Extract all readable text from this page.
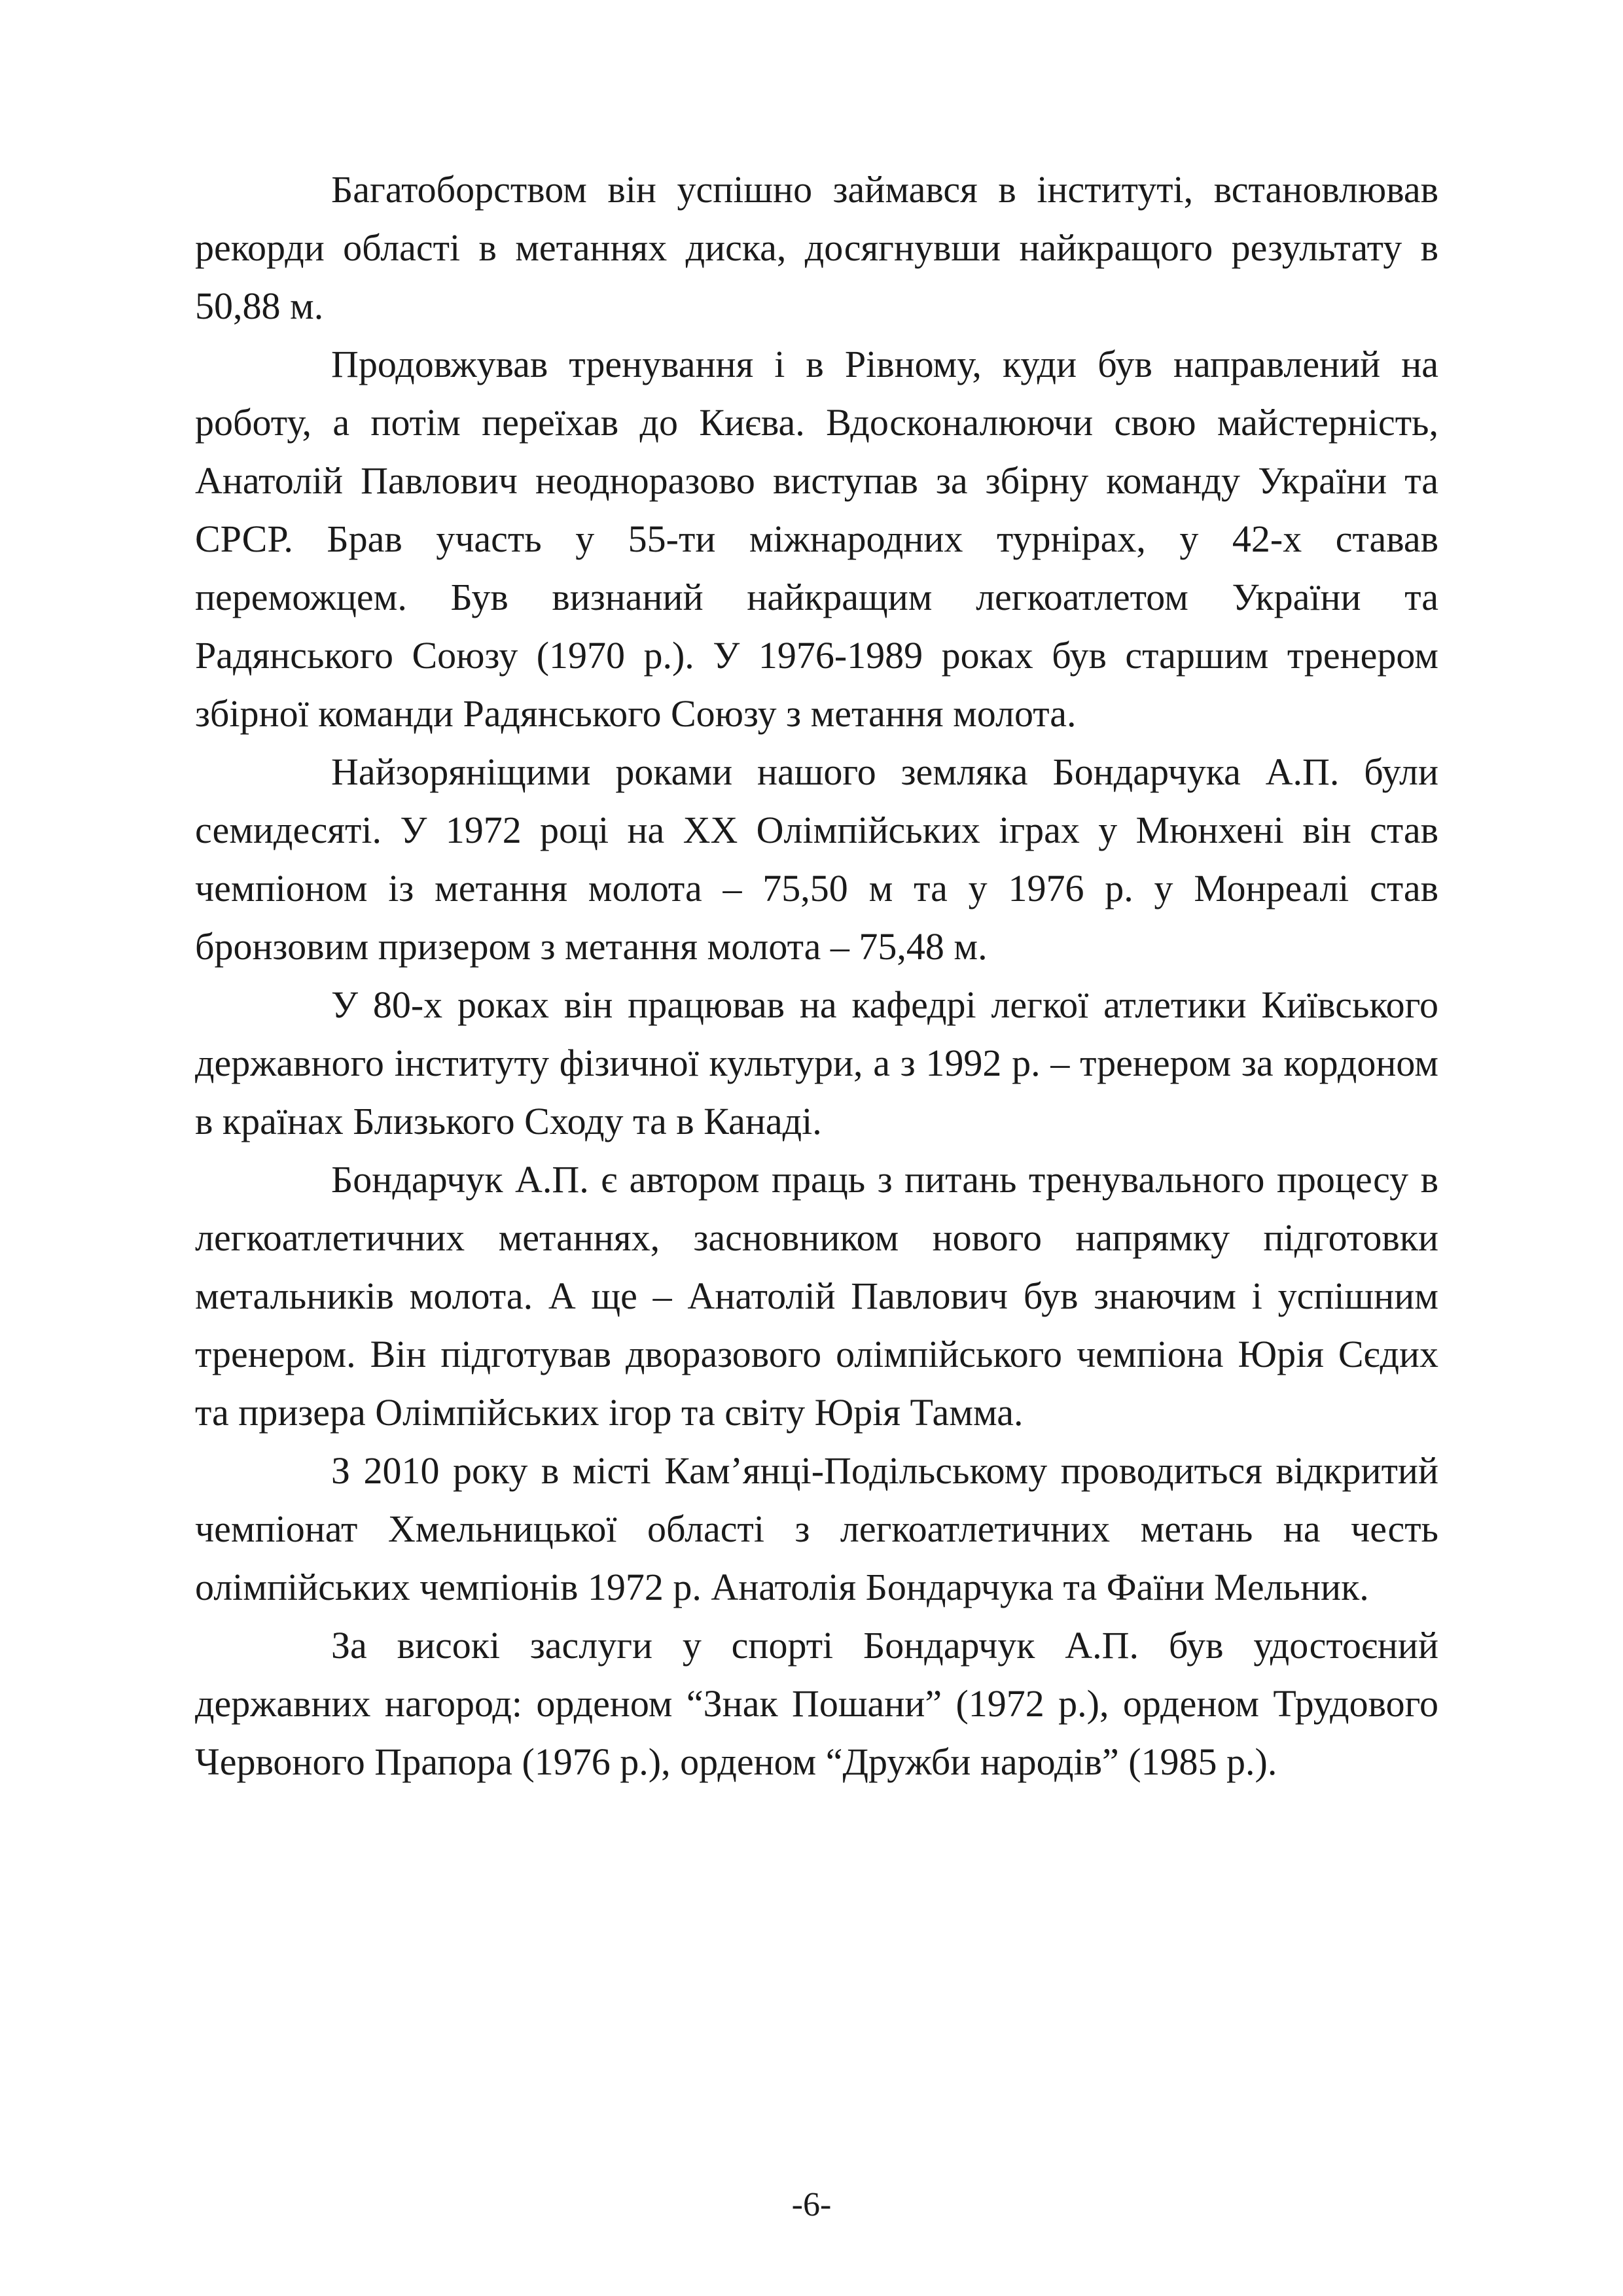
Багатоборством він успішно займався в інституті, встановлював рекорди області в метаннях диска, досягнувши найкращого результату в 50,88 м.

Продовжував тренування і в Рівному, куди був направлений на роботу, а потім переїхав до Києва. Вдосконалюючи свою майстерність, Анатолій Павлович неодноразово виступав за збірну команду України та СРСР. Брав участь у 55-ти міжнародних турнірах, у 42-х ставав переможцем. Був визнаний найкращим легкоатлетом України та Радянського Союзу (1970 р.). У 1976-1989 роках був старшим тренером збірної команди Радянського Союзу з метання молота.

Найзоряніщими роками нашого земляка Бондарчука А.П. були семидесяті. У 1972 році на XX Олімпійських іграх у Мюнхені він став чемпіоном із метання молота – 75,50 м та у 1976 р. у Монреалі став бронзовим призером з метання молота – 75,48 м.

У 80-х роках він працював на кафедрі легкої атлетики Київського державного інституту фізичної культури, а з 1992 р. – тренером за кордоном в країнах Близького Сходу та в Канаді.

Бондарчук А.П. є автором праць з питань тренувального процесу в легкоатлетичних метаннях, засновником нового напрямку підготовки метальників молота. А ще – Анатолій Павлович був знаючим і успішним тренером. Він підготував дворазового олімпійського чемпіона Юрія Сєдих та призера Олімпійських ігор та світу Юрія Тамма.

З 2010 року в місті Кам’янці-Подільському проводиться відкритий чемпіонат Хмельницької області з легкоатлетичних метань на честь олімпійських чемпіонів 1972 р. Анатолія Бондарчука та Фаїни Мельник.

За високі заслуги у спорті Бондарчук А.П. був удостоєний державних нагород: орденом “Знак Пошани” (1972 р.), орденом Трудового Червоного Прапора (1976 р.), орденом “Дружби народів” (1985 р.).

-6-
